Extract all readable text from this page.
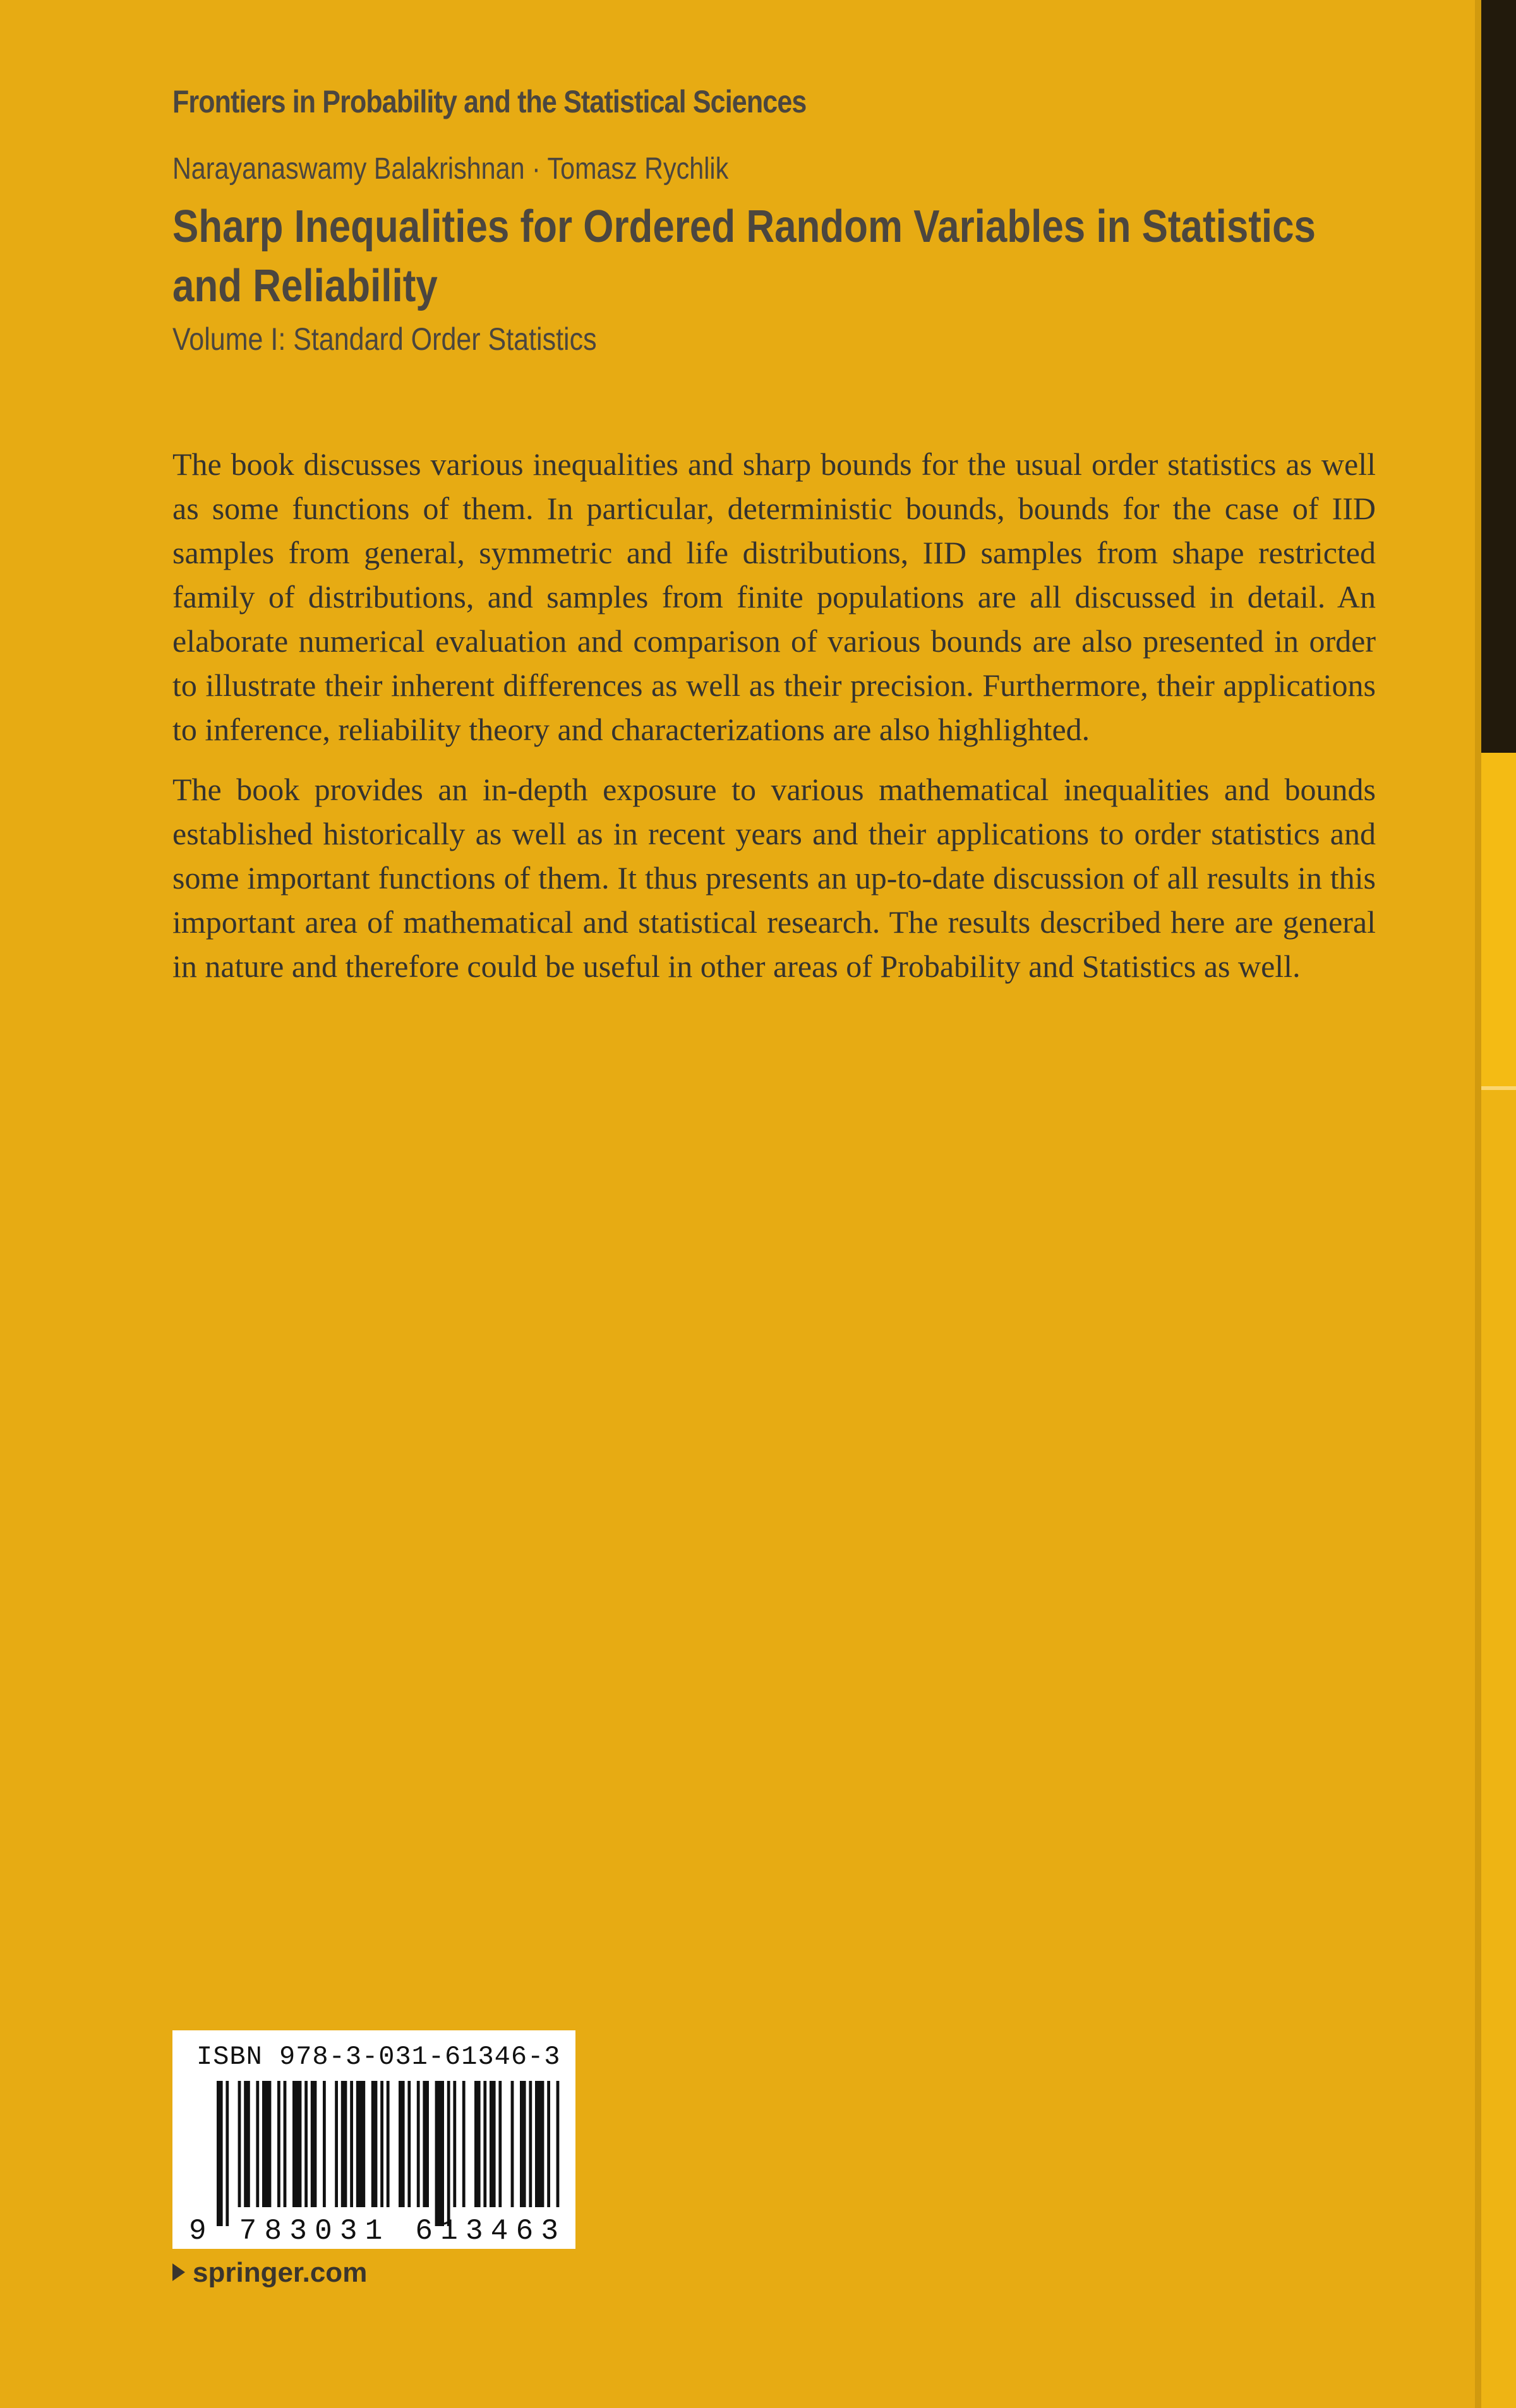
Frontiers in Probability and the Statistical Sciences
Narayanaswamy Balakrishnan · Tomasz Rychlik
Sharp Inequalities for Ordered Random Variables in Statistics and Reliability
Volume I: Standard Order Statistics

The book discusses various inequalities and sharp bounds for the usual order statistics as well as some functions of them. In particular, deterministic bounds, bounds for the case of IID samples from general, symmetric and life distributions, IID samples from shape restricted family of distributions, and samples from finite populations are all discussed in detail. An elaborate numerical evaluation and comparison of various bounds are also presented in order to illustrate their inherent differences as well as their precision. Furthermore, their applications to inference, reliability theory and characterizations are also highlighted.

The book provides an in-depth exposure to various mathematical inequalities and bounds established historically as well as in recent years and their applications to order statistics and some important functions of them. It thus presents an up-to-date discussion of all results in this important area of mathematical and statistical research. The results described here are general in nature and therefore could be useful in other areas of Probability and Statistics as well.

ISBN 978-3-031-61346-3
9 783031 613463
springer.com
